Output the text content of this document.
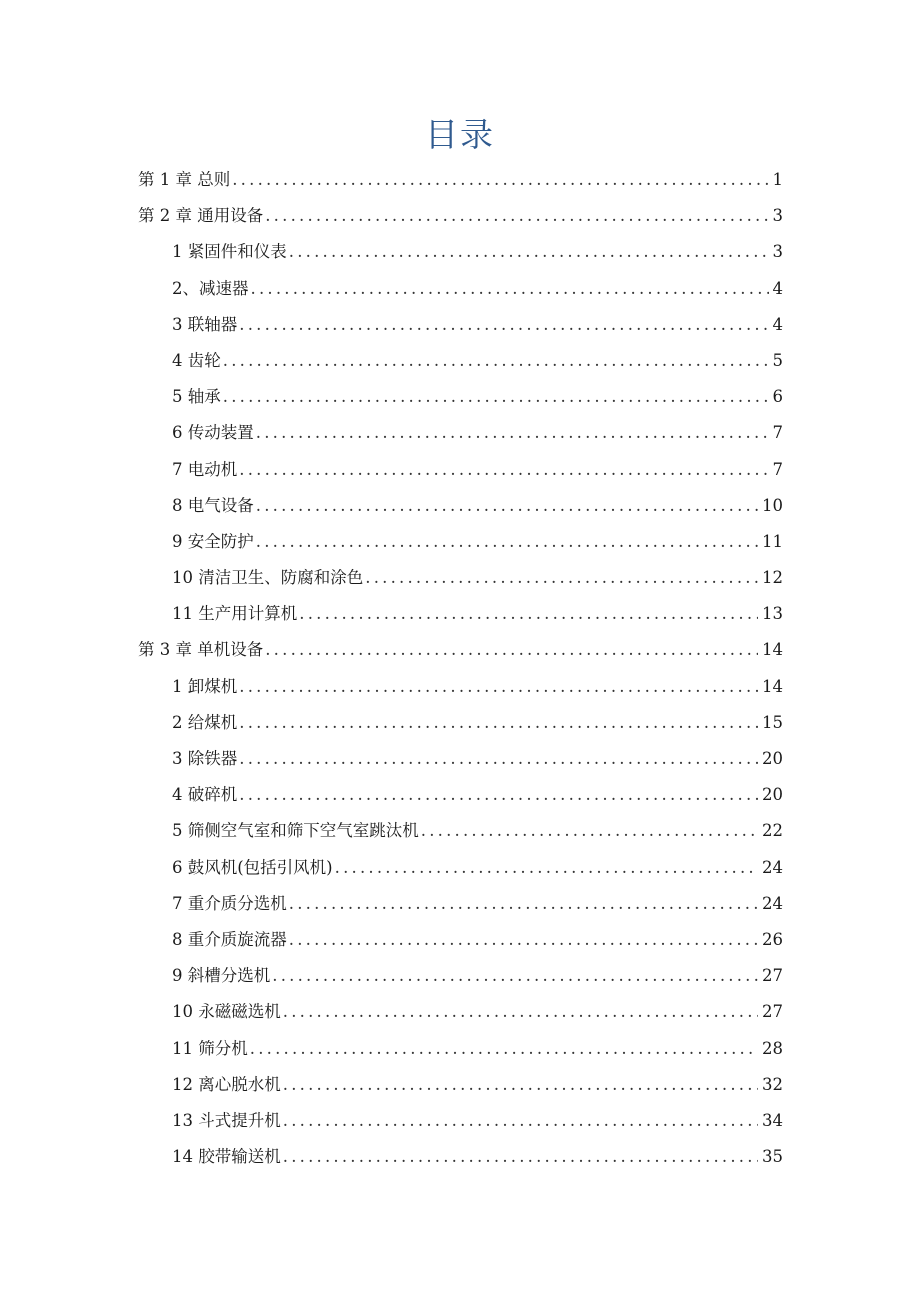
目录
第 1 章 总则 .....	1
第 2 章 通用设备 .....	3
1 紧固件和仪表 .....	3
2、减速器 .....	4
3 联轴器 .....	4
4 齿轮 .....	5
5 轴承 .....	6
6 传动装置 .....	7
7 电动机 .....	7
8 电气设备 .....	10
9 安全防护 .....	11
10 清洁卫生、防腐和涂色 .....	12
11 生产用计算机 .....	13
第 3 章 单机设备 .....	14
1 卸煤机 .....	14
2 给煤机 .....	15
3 除铁器 .....	20
4 破碎机 .....	20
5 筛侧空气室和筛下空气室跳汰机 .....	22
6 鼓风机(包括引风机) .....	24
7 重介质分选机 .....	24
8 重介质旋流器 .....	26
9 斜槽分选机 .....	27
10 永磁磁选机 .....	27
11 筛分机 .....	28
12 离心脱水机 .....	32
13 斗式提升机 .....	34
14 胶带输送机 .....	35
